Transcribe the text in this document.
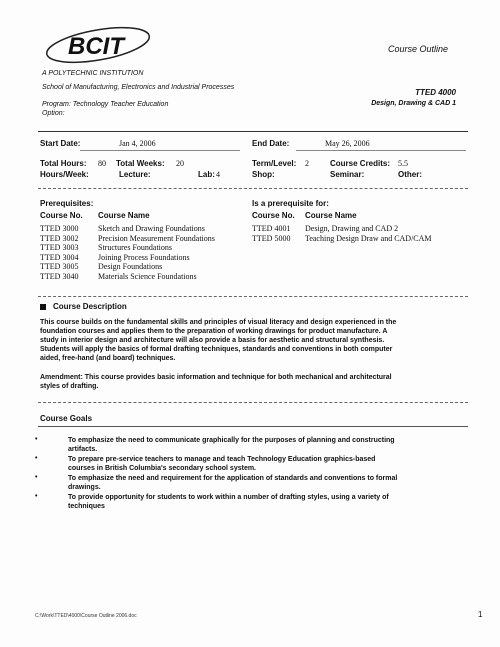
BCIT
A POLYTECHNIC INSTITUTION
Course Outline
School of Manufacturing, Electronics and Industrial Processes
Program: Technology Teacher Education
Option:
TTED 4000
Design, Drawing & CAD 1
Start Date:	Jan 4, 2006	End Date:	May 26, 2006
Total Hours: 80 Total Weeks: 20	Term/Level: 2	Course Credits: 5.5
Hours/Week:	Lecture:	Lab: 4	Shop:	Seminar:	Other:
Prerequisites:
Course No. Course Name
TTED 3000 Sketch and Drawing Foundations
TTED 3002 Precision Measurement Foundations
TTED 3003 Structures Foundations
TTED 3004 Joining Process Foundations
TTED 3005 Design Foundations
TTED 3040 Materials Science Foundations
Is a prerequisite for:
Course No. Course Name
TTED 4001 Design, Drawing and CAD 2
TTED 5000 Teaching Design Draw and CAD/CAM
Course Description
This course builds on the fundamental skills and principles of visual literacy and design experienced in the
foundation courses and applies them to the preparation of working drawings for product manufacture. A
study in interior design and architecture will also provide a basis for aesthetic and structural synthesis.
Students will apply the basics of formal drafting techniques, standards and conventions in both computer
aided, free-hand (and board) techniques.
Amendment: This course provides basic information and technique for both mechanical and architectural
styles of drafting.
Course Goals
•	To emphasize the need to communicate graphically for the purposes of planning and constructing
artifacts.
•	To prepare pre-service teachers to manage and teach Technology Education graphics-based
courses in British Columbia's secondary school system.
•	To emphasize the need and requirement for the application of standards and conventions to formal
drawings.
•	To provide opportunity for students to work within a number of drafting styles, using a variety of
techniques
C:\Work\TTED\4000\Course Outline 2006.doc	1
